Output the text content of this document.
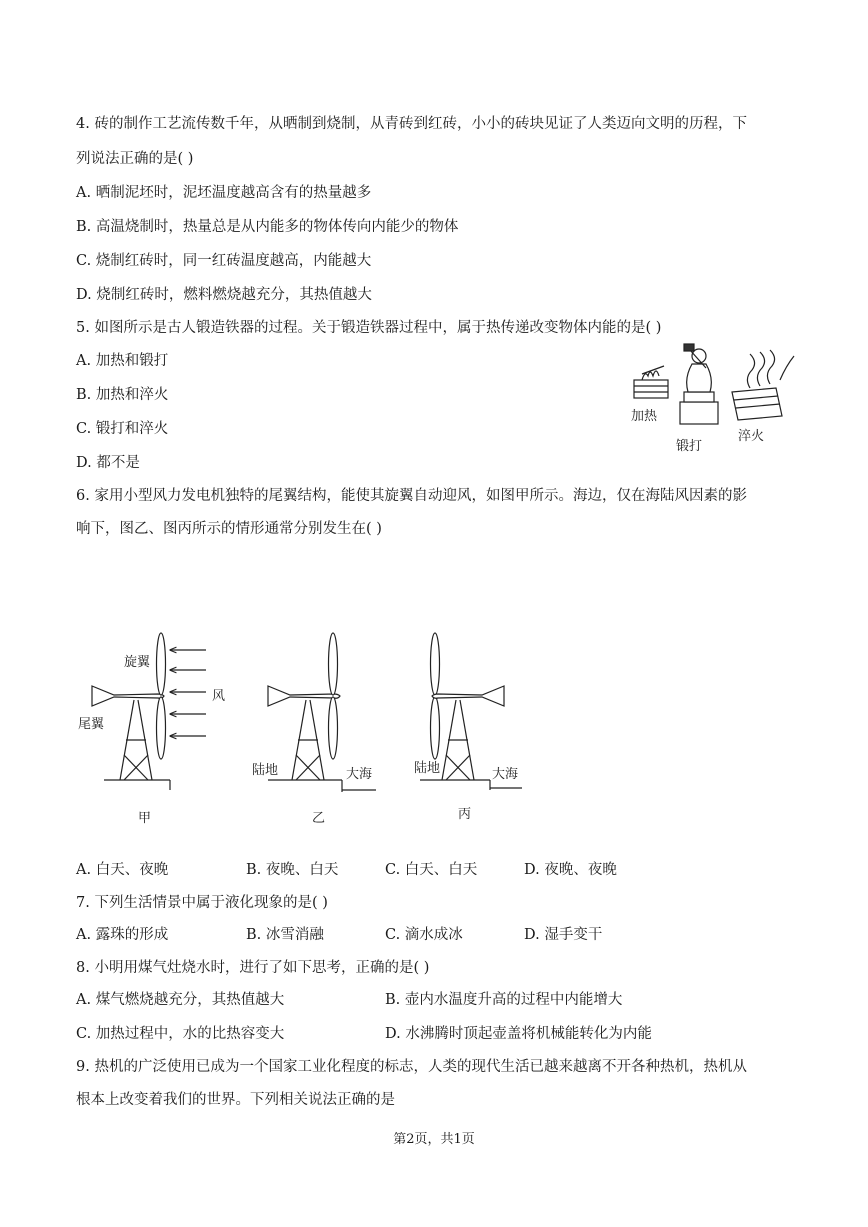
4. 砖的制作工艺流传数千年，从晒制到烧制，从青砖到红砖，小小的砖块见证了人类迈向文明的历程，下
列说法正确的是( )
A. 晒制泥坯时，泥坯温度越高含有的热量越多
B. 高温烧制时，热量总是从内能多的物体传向内能少的物体
C. 烧制红砖时，同一红砖温度越高，内能越大
D. 烧制红砖时，燃料燃烧越充分，其热值越大
5. 如图所示是古人锻造铁器的过程。关于锻造铁器过程中，属于热传递改变物体内能的是( )
A. 加热和锻打
B. 加热和淬火
C. 锻打和淬火
D. 都不是
加热
锻打
淬火
6. 家用小型风力发电机独特的尾翼结构，能使其旋翼自动迎风，如图甲所示。海边，仅在海陆风因素的影
响下，图乙、图丙所示的情形通常分别发生在( )
旋翼
尾翼
风
陆地	大海	陆地	大海
甲	乙	丙
A. 白天、夜晚	B. 夜晚、白天	C. 白天、白天	D. 夜晚、夜晚
7. 下列生活情景中属于液化现象的是( )
A. 露珠的形成	B. 冰雪消融	C. 滴水成冰	D. 湿手变干
8. 小明用煤气灶烧水时，进行了如下思考，正确的是( )
A. 煤气燃烧越充分，其热值越大	B. 壶内水温度升高的过程中内能增大
C. 加热过程中，水的比热容变大	D. 水沸腾时顶起壶盖将机械能转化为内能
9. 热机的广泛使用已成为一个国家工业化程度的标志，人类的现代生活已越来越离不开各种热机，热机从
根本上改变着我们的世界。下列相关说法正确的是
第2页，共1页
